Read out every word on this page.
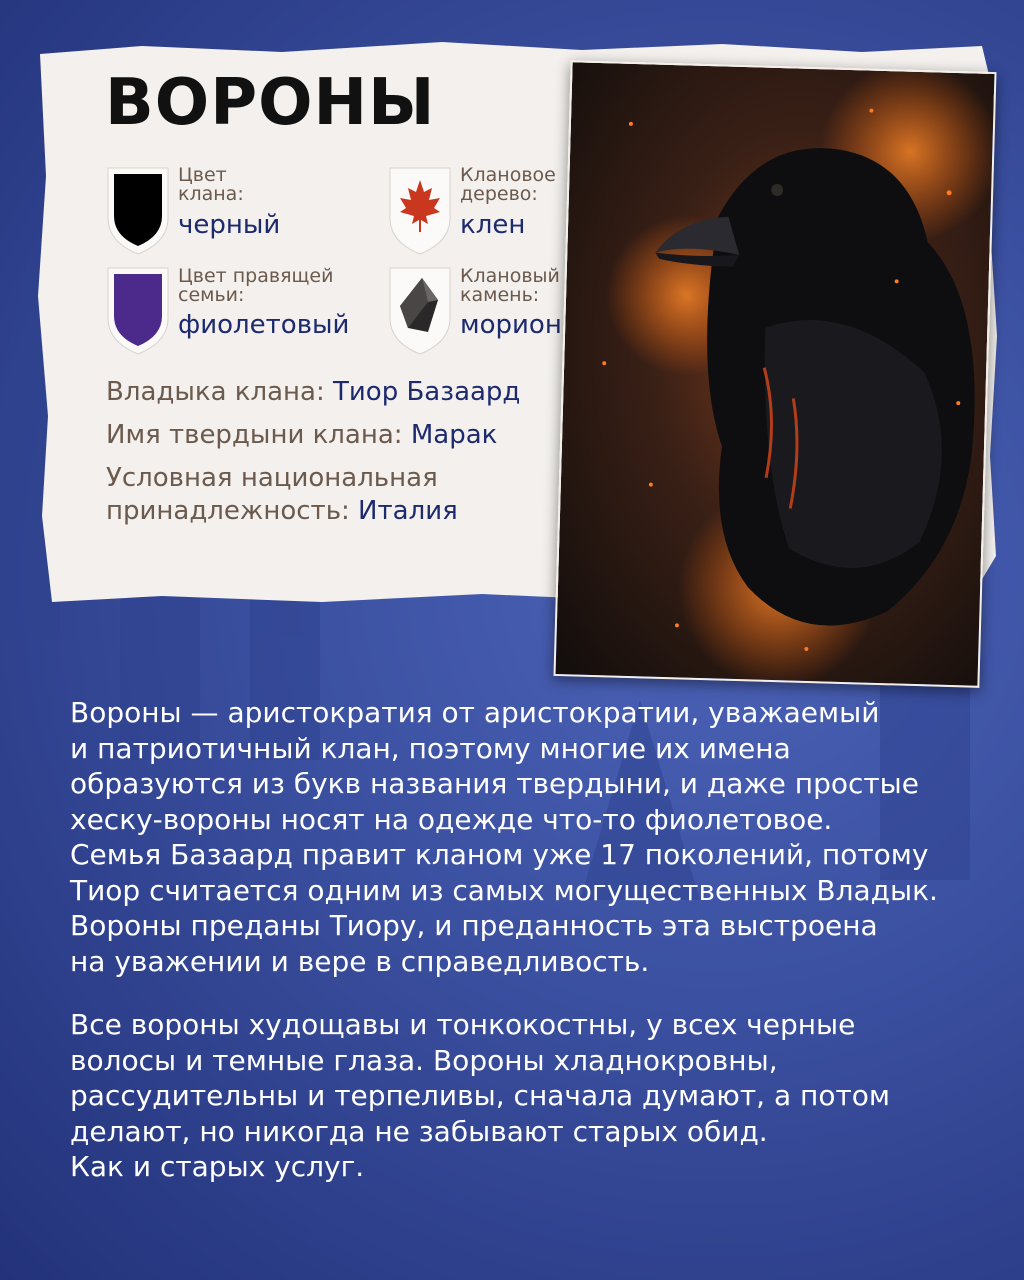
ВОРОНЫ
Цвет
клана:
черный
Клановое
дерево:
клен
Цвет правящей
семьи:
фиолетовый
Клановый
камень:
морион
Владыка клана: Тиор Базаард
Имя твердыни клана: Марак
Условная национальная
принадлежность: Италия

Вороны — аристократия от аристократии, уважаемый
и патриотичный клан, поэтому многие их имена
образуются из букв названия твердыни, и даже простые
хеску-вороны носят на одежде что-то фиолетовое.
Семья Базаард правит кланом уже 17 поколений, потому
Тиор считается одним из самых могущественных Владык.
Вороны преданы Тиору, и преданность эта выстроена
на уважении и вере в справедливость.

Все вороны худощавы и тонкокостны, у всех черные
волосы и темные глаза. Вороны хладнокровны,
рассудительны и терпеливы, сначала думают, а потом
делают, но никогда не забывают старых обид.
Как и старых услуг.
